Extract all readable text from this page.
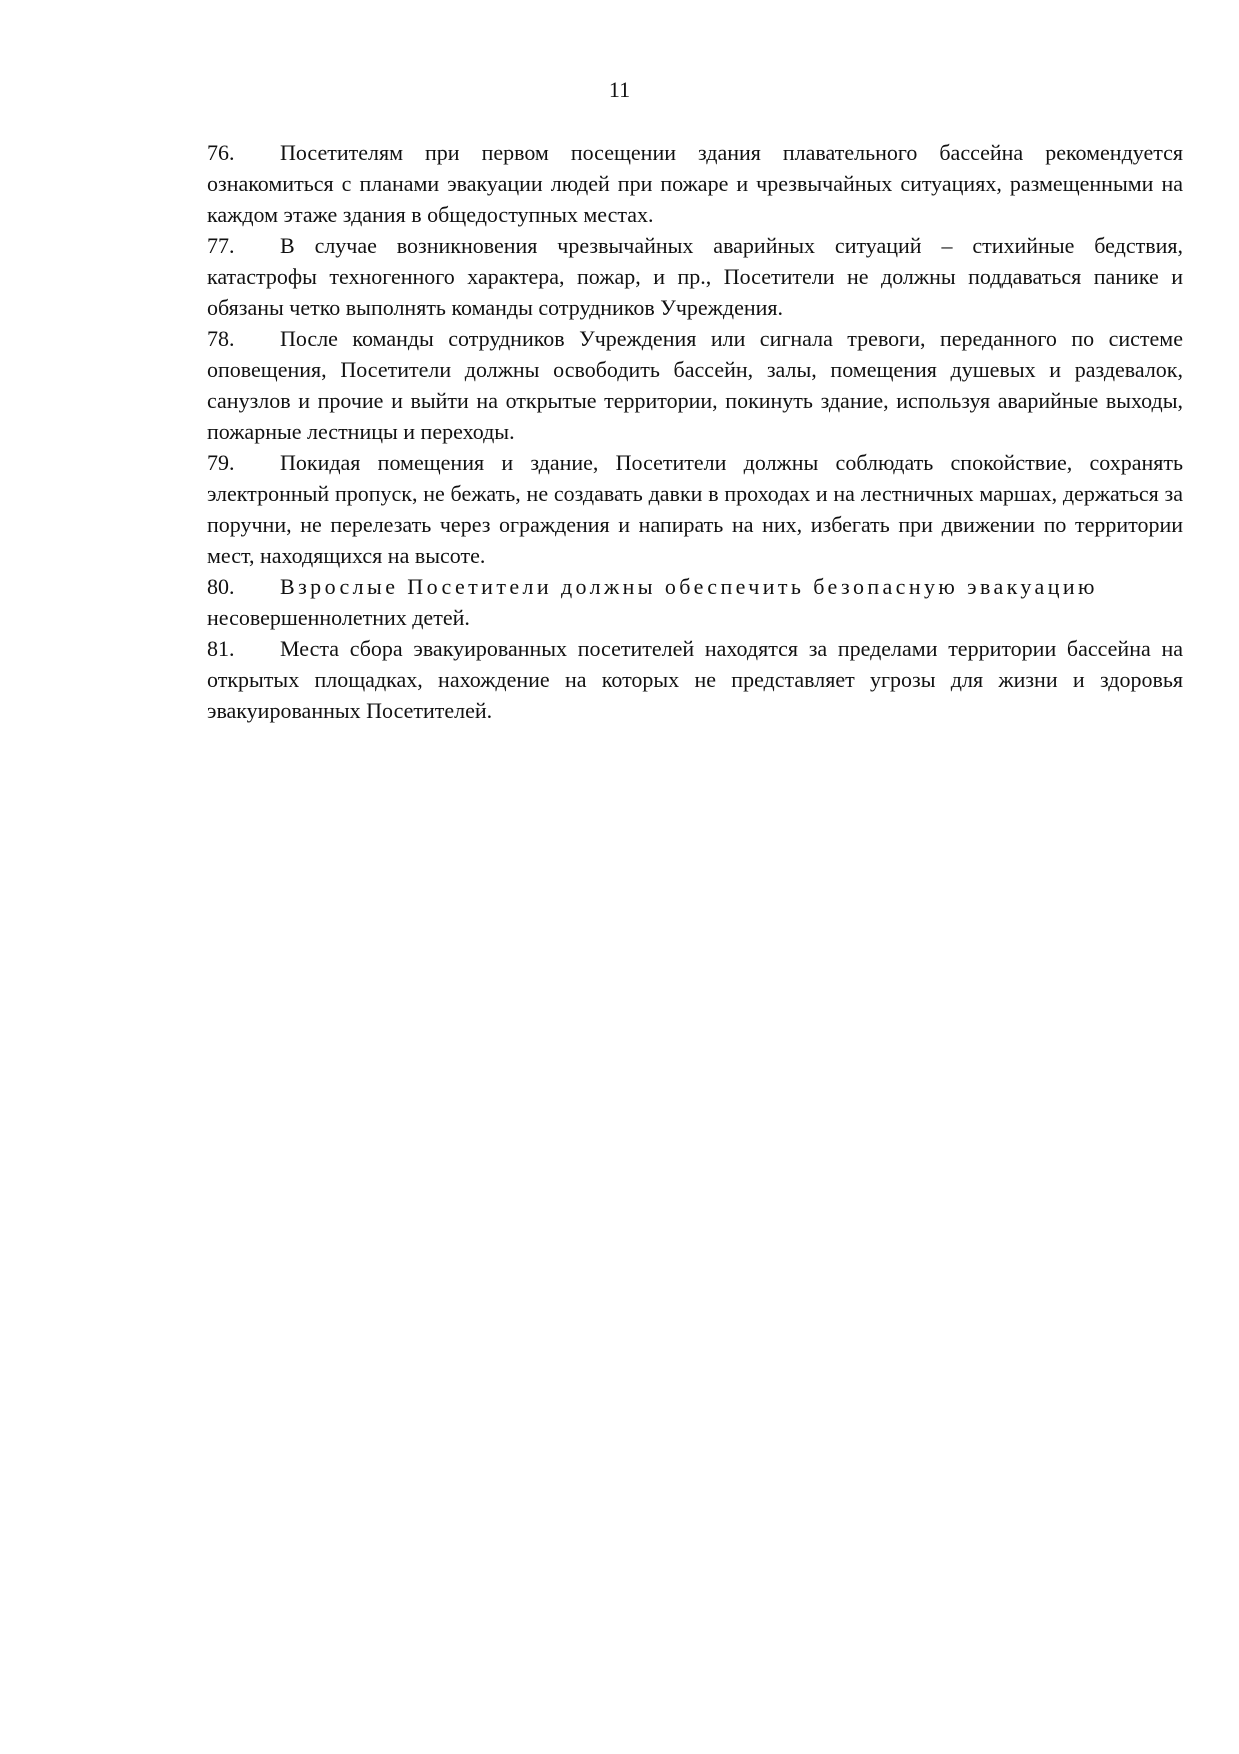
11

76. Посетителям при первом посещении здания плавательного бассейна рекомендуется ознакомиться с планами эвакуации людей при пожаре и чрезвычайных ситуациях, размещенными на каждом этаже здания в общедоступных местах.

77. В случае возникновения чрезвычайных аварийных ситуаций – стихийные бедствия, катастрофы техногенного характера, пожар, и пр., Посетители не должны поддаваться панике и обязаны четко выполнять команды сотрудников Учреждения.

78. После команды сотрудников Учреждения или сигнала тревоги, переданного по системе оповещения, Посетители должны освободить бассейн, залы, помещения душевых и раздевалок, санузлов и прочие и выйти на открытые территории, покинуть здание, используя аварийные выходы, пожарные лестницы и переходы.

79. Покидая помещения и здание, Посетители должны соблюдать спокойствие, сохранять электронный пропуск, не бежать, не создавать давки в проходах и на лестничных маршах, держаться за поручни, не перелезать через ограждения и напирать на них, избегать при движении по территории мест, находящихся на высоте.

80. Взрослые Посетители должны обеспечить безопасную эвакуацию
несовершеннолетних детей.

81. Места сбора эвакуированных посетителей находятся за пределами территории бассейна на открытых площадках, нахождение на которых не представляет угрозы для жизни и здоровья эвакуированных Посетителей.
